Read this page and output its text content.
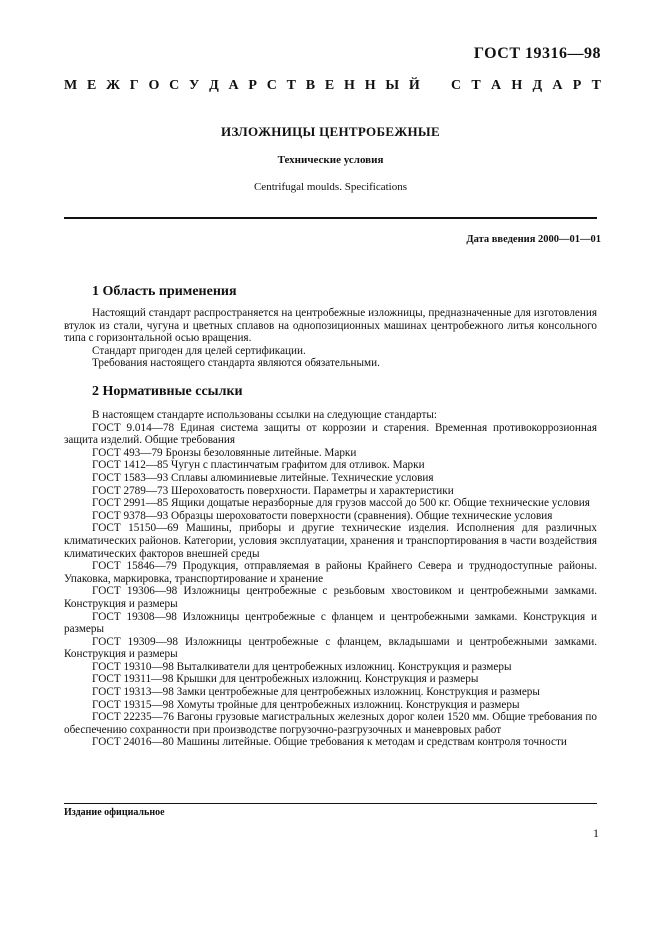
ГОСТ 19316—98
М Е Ж Г О С У Д А Р С Т В Е Н Н Ы Й С Т А Н Д А Р Т
ИЗЛОЖНИЦЫ ЦЕНТРОБЕЖНЫЕ
Технические условия
Centrifugal moulds. Specifications
Дата введения 2000—01—01
1 Область применения

Настоящий стандарт распространяется на центробежные изложницы, предназначенные для изготовления втулок из стали, чугуна и цветных сплавов на однопозиционных машинах центробежного литья консольного типа с горизонтальной осью вращения.

Стандарт пригоден для целей сертификации.

Требования настоящего стандарта являются обязательными.

2 Нормативные ссылки

В настоящем стандарте использованы ссылки на следующие стандарты:

ГОСТ 9.014—78 Единая система защиты от коррозии и старения. Временная противокоррозионная защита изделий. Общие требования

ГОСТ 493—79 Бронзы безоловянные литейные. Марки

ГОСТ 1412—85 Чугун с пластинчатым графитом для отливок. Марки

ГОСТ 1583—93 Сплавы алюминиевые литейные. Технические условия

ГОСТ 2789—73 Шероховатость поверхности. Параметры и характеристики

ГОСТ 2991—85 Ящики дощатые неразборные для грузов массой до 500 кг. Общие технические условия

ГОСТ 9378—93 Образцы шероховатости поверхности (сравнения). Общие технические условия

ГОСТ 15150—69 Машины, приборы и другие технические изделия. Исполнения для различных климатических районов. Категории, условия эксплуатации, хранения и транспортирования в части воздействия климатических факторов внешней среды

ГОСТ 15846—79 Продукция, отправляемая в районы Крайнего Севера и труднодоступные районы. Упаковка, маркировка, транспортирование и хранение

ГОСТ 19306—98 Изложницы центробежные с резьбовым хвостовиком и центробежными замками. Конструкция и размеры

ГОСТ 19308—98 Изложницы центробежные с фланцем и центробежными замками. Конструкция и размеры

ГОСТ 19309—98 Изложницы центробежные с фланцем, вкладышами и центробежными замками. Конструкция и размеры

ГОСТ 19310—98 Выталкиватели для центробежных изложниц. Конструкция и размеры

ГОСТ 19311—98 Крышки для центробежных изложниц. Конструкция и размеры

ГОСТ 19313—98 Замки центробежные для центробежных изложниц. Конструкция и размеры

ГОСТ 19315—98 Хомуты тройные для центробежных изложниц. Конструкция и размеры

ГОСТ 22235—76 Вагоны грузовые магистральных железных дорог колеи 1520 мм. Общие требования по обеспечению сохранности при производстве погрузочно-разгрузочных и маневровых работ

ГОСТ 24016—80 Машины литейные. Общие требования к методам и средствам контроля точности

Издание официальное
1
